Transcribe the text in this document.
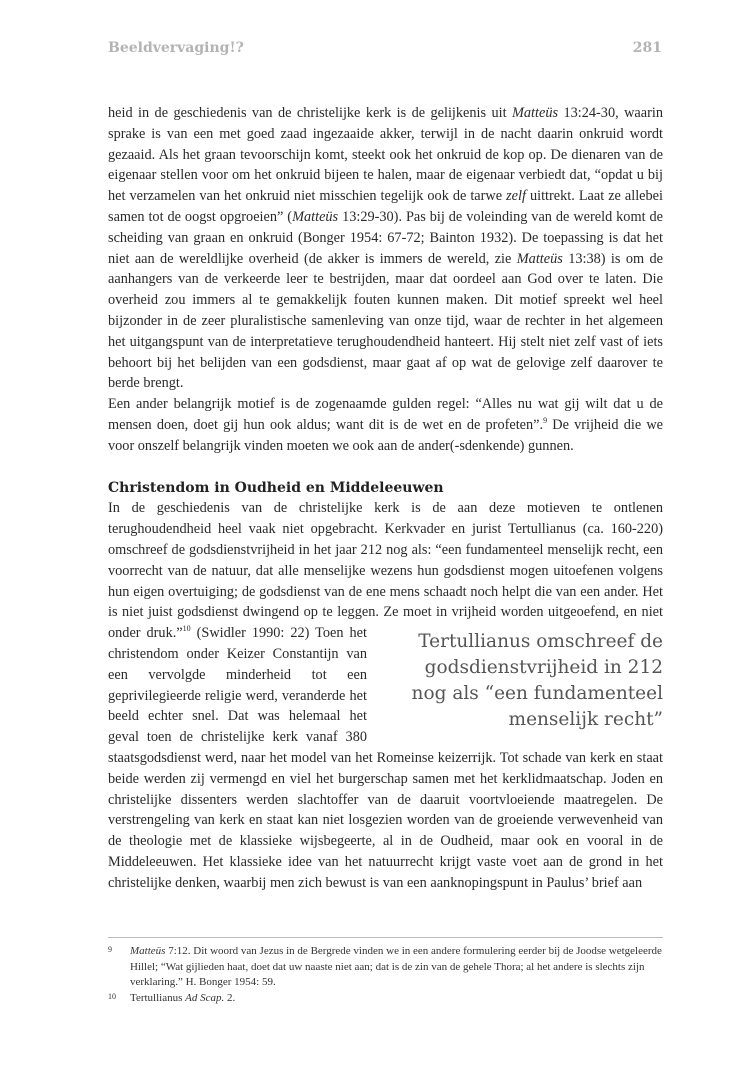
Beeldvervaging!?	281

heid in de geschiedenis van de christelijke kerk is de gelijkenis uit Matteüs 13:24-30, waarin sprake is van een met goed zaad ingezaaide akker, terwijl in de nacht daarin onkruid wordt gezaaid. Als het graan tevoorschijn komt, steekt ook het onkruid de kop op. De dienaren van de eigenaar stellen voor om het onkruid bijeen te halen, maar de eigenaar verbiedt dat, “opdat u bij het verzamelen van het onkruid niet misschien tegelijk ook de tarwe zelf uittrekt. Laat ze allebei samen tot de oogst opgroeien” (Matteüs 13:29-30). Pas bij de voleinding van de wereld komt de scheiding van graan en onkruid (Bonger 1954: 67-72; Bainton 1932). De toepassing is dat het niet aan de wereldlijke overheid (de akker is immers de wereld, zie Matteüs 13:38) is om de aanhangers van de verkeerde leer te bestrijden, maar dat oordeel aan God over te laten. Die overheid zou immers al te gemakkelijk fouten kunnen maken. Dit motief spreekt wel heel bijzonder in de zeer pluralistische samenleving van onze tijd, waar de rechter in het algemeen het uitgangspunt van de interpretatieve terughoudendheid hanteert. Hij stelt niet zelf vast of iets behoort bij het belijden van een godsdienst, maar gaat af op wat de gelovige zelf daarover te berde brengt.

Een ander belangrijk motief is de zogenaamde gulden regel: “Alles nu wat gij wilt dat u de mensen doen, doet gij hun ook aldus; want dit is de wet en de profeten”.$^9$ De vrijheid die we voor onszelf belangrijk vinden moeten we ook aan de ander(-sdenkende) gunnen.

Christendom in Oudheid en Middeleeuwen

In de geschiedenis van de christelijke kerk is de aan deze motieven te ontlenen terughoudendheid heel vaak niet opgebracht. Kerkvader en jurist Tertullianus (ca. 160-220) omschreef de godsdienstvrijheid in het jaar 212 nog als: “een fundamenteel menselijk recht, een voorrecht van de natuur, dat alle menselijke wezens hun godsdienst mogen uitoefenen volgens hun eigen overtuiging; de godsdienst van de ene mens schaadt noch helpt die van een ander. Het is niet juist godsdienst dwingend op te leggen. Ze moet in vrijheid worden uitgeoefend, en niet onder druk.”$^{10}$
Tertullianus omschreef de godsdienstvrijheid in 212 nog als “een fundamenteel menselijk recht”
(Swidler 1990: 22) Toen het christendom onder Keizer Constantijn van een vervolgde minderheid tot een geprivilegieerde religie werd, veranderde het beeld echter snel. Dat was helemaal het geval toen de christelijke kerk vanaf 380 staatsgodsdienst werd, naar het model van het Romeinse keizerrijk. Tot schade van kerk en staat beide werden zij vermengd en viel het burgerschap samen met het kerklidmaatschap. Joden en christelijke dissenters werden slachtoffer van de daaruit voortvloeiende maatregelen. De verstrengeling van kerk en staat kan niet losgezien worden van de groeiende verwevenheid van de theologie met de klassieke wijsbegeerte, al in de Oudheid, maar ook en vooral in de Middeleeuwen. Het klassieke idee van het natuurrecht krijgt vaste voet aan de grond in het christelijke denken, waarbij men zich bewust is van een aanknopingspunt in Paulus’ brief aan

9 Matteüs 7:12. Dit woord van Jezus in de Bergrede vinden we in een andere formulering eerder bij de Joodse wetgeleerde Hillel; “Wat gijlieden haat, doet dat uw naaste niet aan; dat is de zin van de gehele Thora; al het andere is slechts zijn verklaring.” H. Bonger 1954: 59.
10 Tertullianus Ad Scap. 2.
